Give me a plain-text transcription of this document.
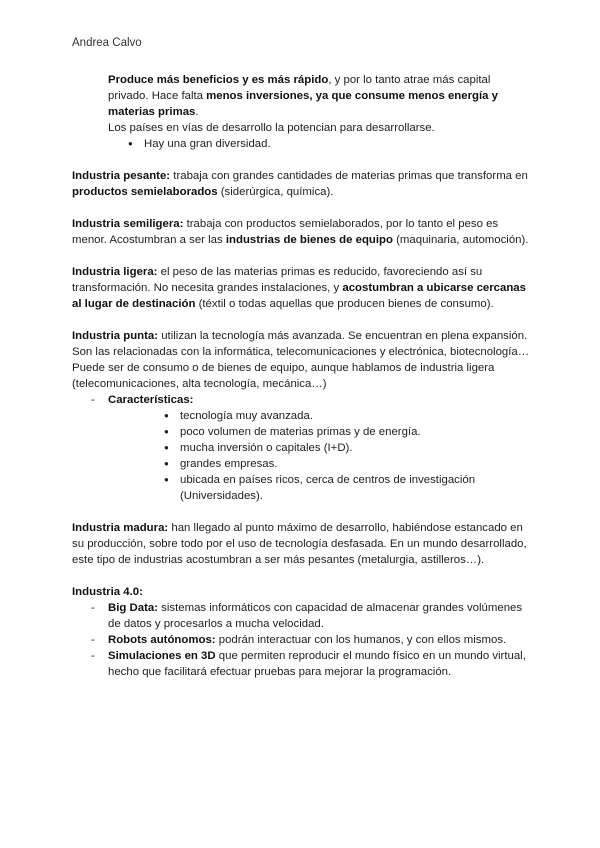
Andrea Calvo

Produce más beneficios y es más rápido, y por lo tanto atrae más capital privado. Hace falta menos inversiones, ya que consume menos energía y materias primas.

Los países en vías de desarrollo la potencian para desarrollarse.

● Hay una gran diversidad.

Industria pesante: trabaja con grandes cantidades de materias primas que transforma en productos semielaborados (siderúrgica, química).

Industria semiligera: trabaja con productos semielaborados, por lo tanto el peso es menor. Acostumbran a ser las industrias de bienes de equipo (maquinaria, automoción).

Industria ligera: el peso de las materias primas es reducido, favoreciendo así su transformación. No necesita grandes instalaciones, y acostumbran a ubicarse cercanas al lugar de destinación (téxtil o todas aquellas que producen bienes de consumo).

Industria punta: utilizan la tecnología más avanzada. Se encuentran en plena expansión. Son las relacionadas con la informática, telecomunicaciones y electrónica, biotecnología… Puede ser de consumo o de bienes de equipo, aunque hablamos de industria ligera (telecomunicaciones, alta tecnología, mecánica…)

- Características:
● tecnología muy avanzada.
● poco volumen de materias primas y de energía.
● mucha inversión o capitales (I+D).
● grandes empresas.
● ubicada en países ricos, cerca de centros de investigación (Universidades).

Industria madura: han llegado al punto máximo de desarrollo, habiéndose estancado en su producción, sobre todo por el uso de tecnología desfasada. En un mundo desarrollado, este tipo de industrias acostumbran a ser más pesantes (metalurgia, astilleros…).

Industria 4.0:

- Big Data: sistemas informáticos con capacidad de almacenar grandes volúmenes de datos y procesarlos a mucha velocidad.
- Robots autónomos: podrán interactuar con los humanos, y con ellos mismos.
- Simulaciones en 3D que permiten reproducir el mundo físico en un mundo virtual, hecho que facilitará efectuar pruebas para mejorar la programación.
